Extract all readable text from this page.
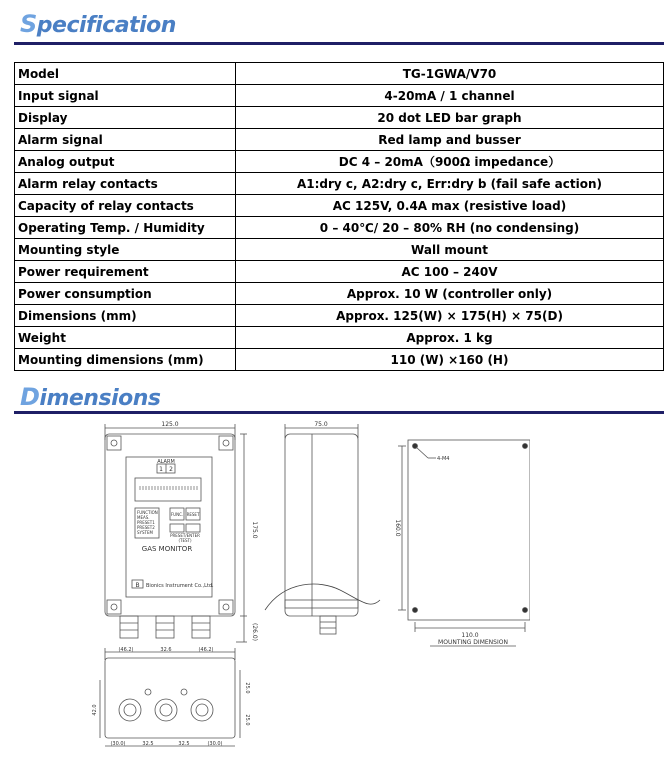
Specification
Model	TG-1GWA/V70
Input signal	4-20mA / 1 channel
Display	20 dot LED bar graph
Alarm signal	Red lamp and busser
Analog output	DC 4 – 20mA（900Ω impedance）
Alarm relay contacts	A1:dry c, A2:dry c, Err:dry b (fail safe action)
Capacity of relay contacts	AC 125V, 0.4A max (resistive load)
Operating Temp. / Humidity	0 – 40℃/ 20 – 80% RH (no condensing)
Mounting style	Wall mount
Power requirement	AC 100 – 240V
Power consumption	Approx. 10 W (controller only)
Dimensions (mm)	Approx. 125(W) × 175(H) × 75(D)
Weight	Approx. 1 kg
Mounting dimensions (mm)	110 (W) ×160 (H)
Dimensions
125.0
175.0
(26.0)
ALARM
1 2
FUNCTION
MEAS.
PRESET1
PRESET2
SYSTEM
FUNC. RESET
PRESET/ENTER
(TEST)
GAS MONITOR
B Bionics Instrument Co.,Ltd.
75.0
4-M4
160.0
110.0
MOUNTING DIMENSION
(46.2)	32.6	(46.2)
(30.0)	32.5	32.5	(30.0)
42.0
25.0
25.0
